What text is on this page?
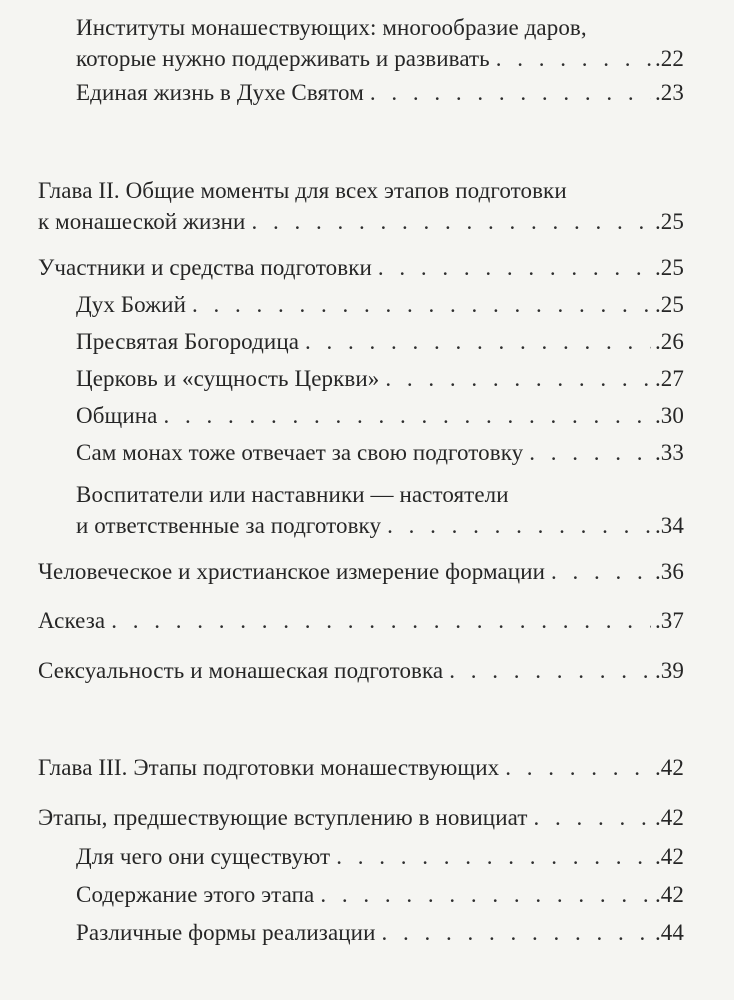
Институты монашествующих: многообразие даров,
которые нужно поддерживать и развивать . . .	.22
Единая жизнь в Духе Святом . . .	.23
Глава II. Общие моменты для всех этапов подготовки
к монашеской жизни . . .	.25
Участники и средства подготовки . . .	.25
Дух Божий . . .	.25
Пресвятая Богородица . . .	.26
Церковь и «сущность Церкви» . . .	.27
Община . . .	.30
Сам монах тоже отвечает за свою подготовку . . .	.33
Воспитатели или наставники — настоятели
и ответственные за подготовку . . .	.34
Человеческое и христианское измерение формации . . .	.36
Аскеза . . .	.37
Сексуальность и монашеская подготовка . . .	.39
Глава III. Этапы подготовки монашествующих . . .	.42
Этапы, предшествующие вступлению в новициат . . .	.42
Для чего они существуют . . .	.42
Содержание этого этапа . . .	.42
Различные формы реализации . . .	.44
